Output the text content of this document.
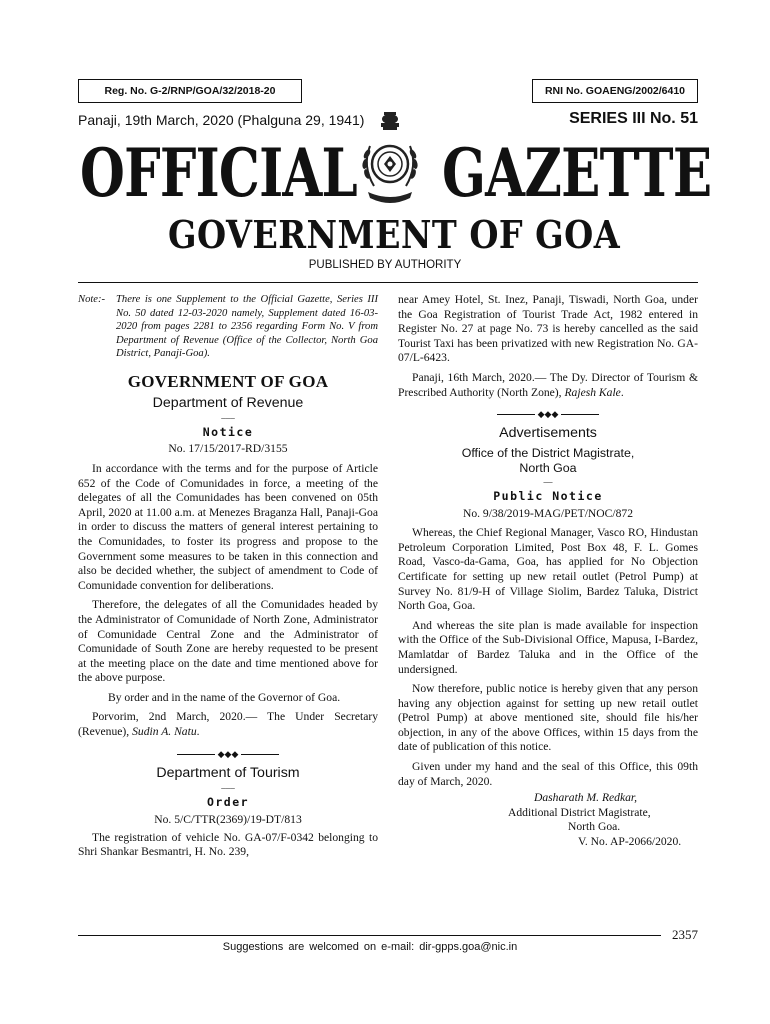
Reg. No. G-2/RNP/GOA/32/2018-20	RNI No. GOAENG/2002/6410
Panaji, 19th March, 2020 (Phalguna 29, 1941)	SERIES III No. 51
OFFICIAL GAZETTE
GOVERNMENT OF GOA
PUBLISHED BY AUTHORITY
Note:-	There is one Supplement to the Official Gazette, Series III No. 50 dated 12-03-2020 namely, Supplement dated 16-03-2020 from pages 2281 to 2356 regarding Form No. V from Department of Revenue (Office of the Collector, North Goa District, Panaji-Goa).
GOVERNMENT OF GOA
Department of Revenue
–––
Notice
No. 17/15/2017-RD/3155

In accordance with the terms and for the purpose of Article 652 of the Code of Comunidades in force, a meeting of the delegates of all the Comunidades has been convened on 05th April, 2020 at 11.00 a.m. at Menezes Braganza Hall, Panaji-Goa in order to discuss the matters of general interest pertaining to the Comunidades, to foster its progress and propose to the Government some measures to be taken in this connection and also be decided whether, the subject of amendment to Code of Comunidade convention for deliberations.

Therefore, the delegates of all the Comunidades headed by the Administrator of Comunidade of North Zone, Administrator of Comunidade Central Zone and the Administrator of Comunidade of South Zone are hereby requested to be present at the meeting place on the date and time mentioned above for the above purpose.

By order and in the name of the Governor of Goa.

Porvorim, 2nd March, 2020.— The Under Secretary (Revenue), Sudin A. Natu.

◆◆◆
Department of Tourism
–––
Order
No. 5/C/TTR(2369)/19-DT/813

The registration of vehicle No. GA-07/F-0342 belonging to Shri Shankar Besmantri, H. No. 239,

near Amey Hotel, St. Inez, Panaji, Tiswadi, North Goa, under the Goa Registration of Tourist Trade Act, 1982 entered in Register No. 27 at page No. 73 is hereby cancelled as the said Tourist Taxi has been privatized with new Registration No. GA-07/L-6423.

Panaji, 16th March, 2020.— The Dy. Director of Tourism & Prescribed Authority (North Zone), Rajesh Kale.

◆◆◆
Advertisements
Office of the District Magistrate,
North Goa
––
Public Notice
No. 9/38/2019-MAG/PET/NOC/872

Whereas, the Chief Regional Manager, Vasco RO, Hindustan Petroleum Corporation Limited, Post Box 48, F. L. Gomes Road, Vasco-da-Gama, Goa, has applied for No Objection Certificate for setting up new retail outlet (Petrol Pump) at Survey No. 81/9-H of Village Siolim, Bardez Taluka, District North Goa, Goa.

And whereas the site plan is made available for inspection with the Office of the Sub-Divisional Office, Mapusa, I-Bardez, Mamlatdar of Bardez Taluka and in the Office of the undersigned.

Now therefore, public notice is hereby given that any person having any objection against for setting up new retail outlet (Petrol Pump) at above mentioned site, should file his/her objection, in any of the above Offices, within 15 days from the date of publication of this notice.

Given under my hand and the seal of this Office, this 09th day of March, 2020.

Dasharath M. Redkar,
Additional District Magistrate,
North Goa.
V. No. AP-2066/2020.
2357
Suggestions are welcomed on e-mail: dir-gpps.goa@nic.in
